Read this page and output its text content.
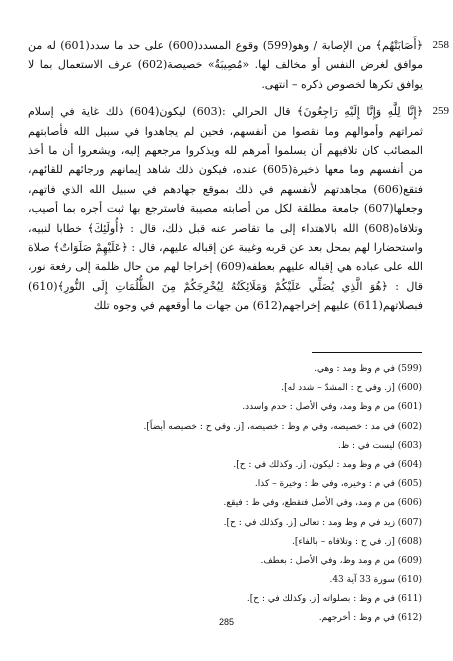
258
﴿أَصَابَتْهُم﴾ من الإصابة / وهو(599) وقوع المسدد(600) على حد ما سدد(601) له من موافق لغرض النفس أو مخالف لها. «مُصِيبَةٌ» خصيصة(602) عرف الاستعمال بما لا يوافق تكرها لخصوص ذكره – انتهى.
259
﴿إِنَّا لِلَّهِ وَإِنَّا إِلَيْهِ رَاجِعُونَ﴾ قال الحرالي :(603) ليكون(604) ذلك غاية في إسلام ثمراتهم وأموالهم وما نقصوا من أنفسهم، فحين لم يجاهدوا في سبيل الله فأصابتهم المصائب كان تلافيهم أن يسلموا أمرهم لله ويذكروا مرجعهم إليه، ويشعروا أن ما أخذ من أنفسهم وما معها ذخيرة(605) عنده، فيكون ذلك شاهد إيمانهم ورجائهم للقائهم، فتقع(606) مجاهدتهم لأنفسهم في ذلك بموقع جهادهم في سبيل الله الذي فاتهم، وجعلها(607) جامعة مطلقة لكل من أصابته مصيبة فاسترجع بها ثبت أجره بما أصيب، وتلافاه(608) الله بالاهتداء إلى ما تقاصر عنه قبل ذلك، قال : ﴿أُولَئِكَ﴾ خطابا لنبيه، واستحضارا لهم بمحل بعد عن قربه وغيبة عن إقباله عليهم، قال : ﴿عَلَيْهِمْ صَلَوَاتٌ﴾ صلاة الله على عباده هي إقباله عليهم بعطفه(609) إخراجا لهم من حال ظلمة إلى رفعة نور، قال : ﴿هُوَ الَّذِي يُصَلِّي عَلَيْكُمْ وَمَلَائِكَتُهُ لِيُخْرِجَكُمْ مِنَ الظُّلُمَاتِ إِلَى النُّورِ﴾(610) فبصلاتهم(611) عليهم إخراجهم(612) من جهات ما أوقعهم في وجوه تلك
(599) في م وظ ومد : وهي.
(600) [ز. وفي ح : المشدّ – شدد له].
(601) من م وظ ومد، وفي الأصل : حدم واسدد.
(602) في مد : خصيصه، وفي م وظ : خصيصه، [ز. وفي ح : خصيصه أيضاً].
(603) ليست في : ظ.
(604) في م وظ ومد : ليكون، [ز. وكذلك في : ح].
(605) في م : وخيره، وفي ظ : وخيرة – كذا.
(606) من م ومد، وفي الأصل فتقطع، وفي ظ : فيقع.
(607) زيد في م وظ ومد : تعالى [ز. وكذلك في : ح].
(608) [ز. في ح : وتلافاه – بالفاء].
(609) من م ومد وظ، وفي الأصل : بعطف.
(610) سورة 33 آية 43.
(611) في م وظ : بصلواته [ز. وكذلك في : ح].
(612) في م وظ : أخرجهم.
285
